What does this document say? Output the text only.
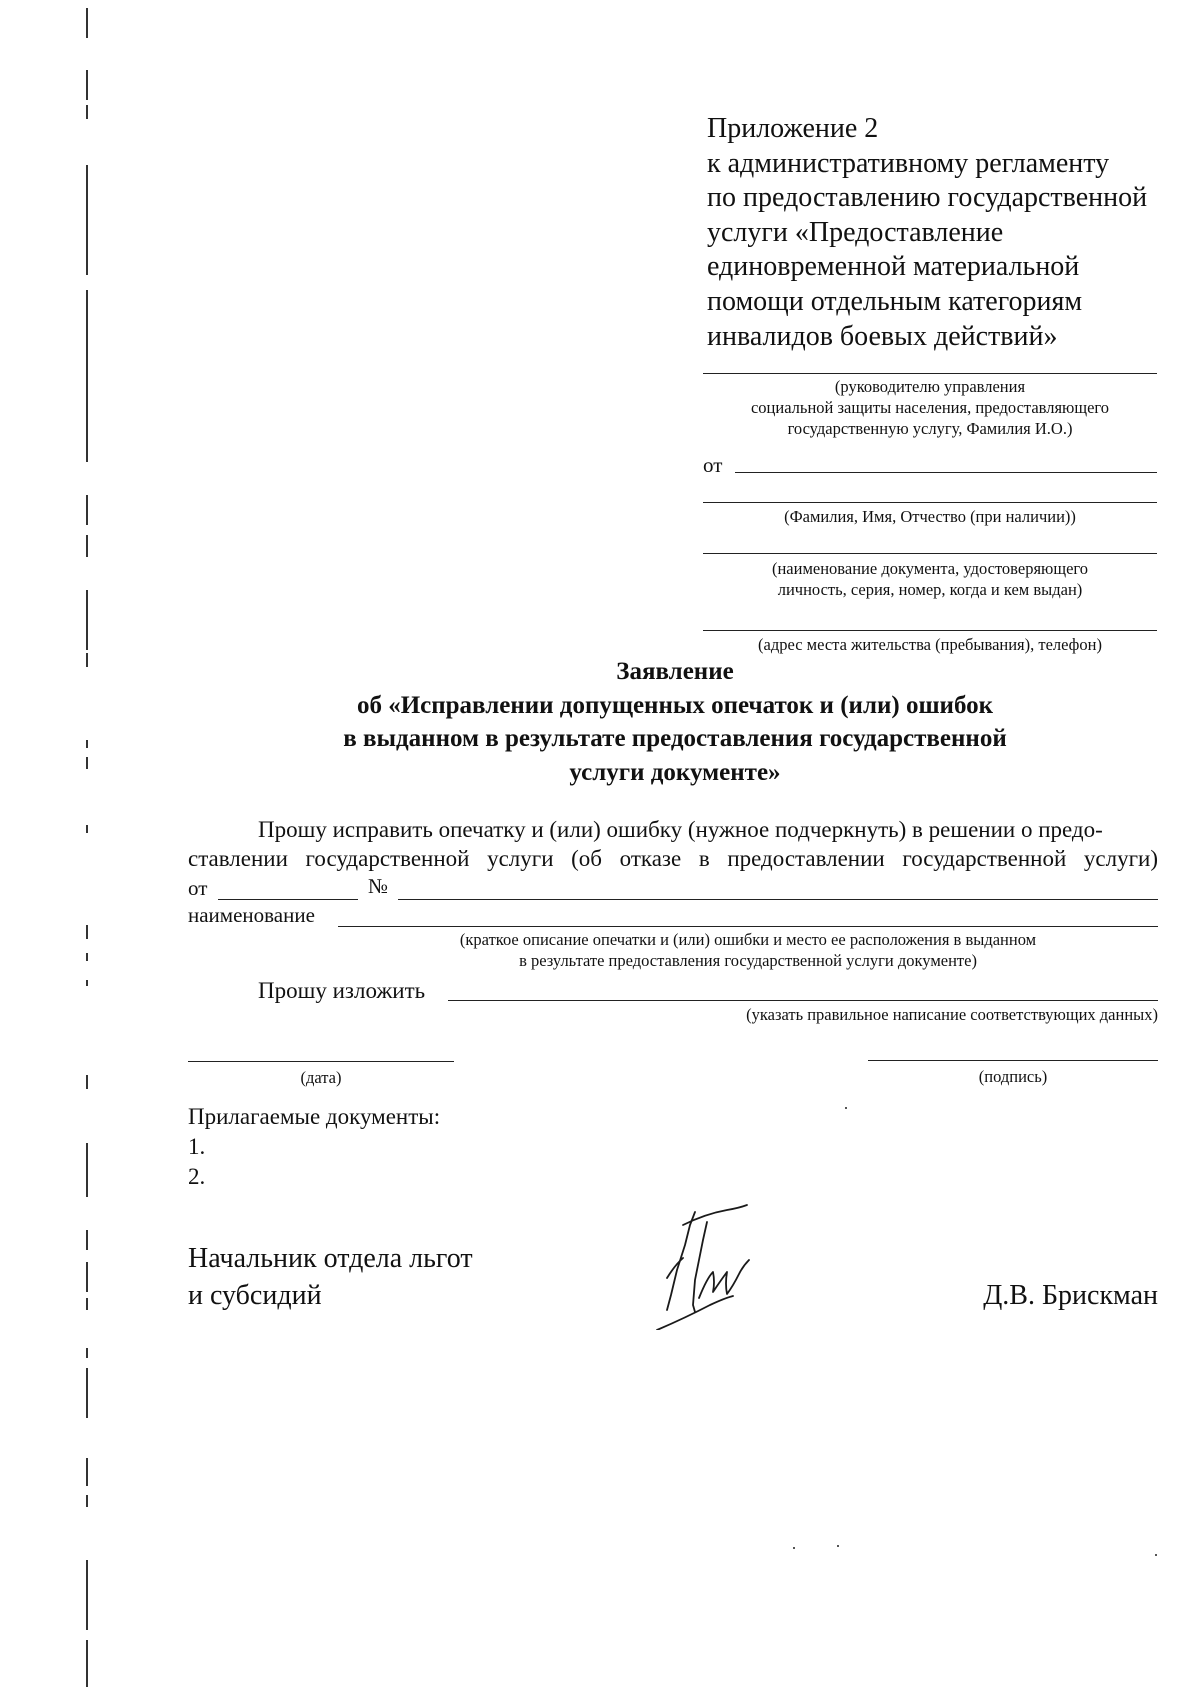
Приложение 2
к административному регламенту
по предоставлению государственной
услуги «Предоставление
единовременной материальной
помощи отдельным категориям
инвалидов боевых действий»
(руководителю управления
социальной защиты населения, предоставляющего
государственную услугу, Фамилия И.О.)
от
(Фамилия, Имя, Отчество (при наличии))
(наименование документа, удостоверяющего
личность, серия, номер, когда и кем выдан)
(адрес места жительства (пребывания), телефон)
Заявление
об «Исправлении допущенных опечаток и (или) ошибок
в выданном в результате предоставления государственной
услуги документе»
Прошу исправить опечатку и (или) ошибку (нужное подчеркнуть) в решении о предо-
ставлении государственной услуги (об отказе в предоставлении государственной услуги)
от	№
наименование
(краткое описание опечатки и (или) ошибки и место ее расположения в выданном
в результате предоставления государственной услуги документе)
Прошу изложить
(указать правильное написание соответствующих данных)
(дата)	(подпись)
Прилагаемые документы:
1.
2.
Начальник отдела льгот
и субсидий	Д.В. Брискман
